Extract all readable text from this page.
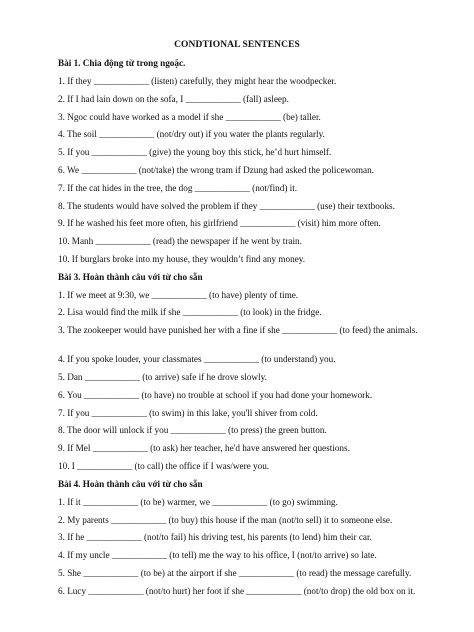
CONDTIONAL SENTENCES
Bài 1. Chia động từ trong ngoặc.
1. If they ____________ (listen) carefully, they might hear the woodpecker.
2. If I had lain down on the sofa, I ____________ (fall) asleep.
3. Ngoc could have worked as a model if she ____________ (be) taller.
4. The soil ____________ (not/dry out) if you water the plants regularly.
5. If you ____________ (give) the young boy this stick, he’d hurt himself.
6. We ____________ (not/take) the wrong tram if Dzung had asked the policewoman.
7. If the cat hides in the tree, the dog ____________ (not/find) it.
8. The students would have solved the problem if they ____________ (use) their textbooks.
9. If he washed his feet more often, his girlfriend ____________ (visit) him more often.
10. Manh ____________ (read) the newspaper if he went by train.
10. If burglars broke into my house, they wouldn’t find any money.
Bài 3. Hoàn thành câu với từ cho sẵn
1. If we meet at 9:30, we ____________ (to have) plenty of time.
2. Lisa would find the milk if she ____________ (to look) in the fridge.
3. The zookeeper would have punished her with a fine if she ____________ (to feed) the animals.
4. If you spoke louder, your classmates ____________ (to understand) you.
5. Dan ____________ (to arrive) safe if he drove slowly.
6. You ____________ (to have) no trouble at school if you had done your homework.
7. If you ____________ (to swim) in this lake, you'll shiver from cold.
8. The door will unlock if you ____________ (to press) the green button.
9. If Mel ____________ (to ask) her teacher, he'd have answered her questions.
10. I ____________ (to call) the office if I was/were you.
Bài 4. Hoàn thành câu với từ cho sẵn
1. If it ____________ (to be) warmer, we ____________ (to go) swimming.
2. My parents ____________ (to buy) this house if the man (not/to sell) it to someone else.
3. If he ____________ (not/to fail) his driving test, his parents (to lend) him their car.
4. If my uncle ____________ (to tell) me the way to his office, I (not/to arrive) so late.
5. She ____________ (to be) at the airport if she ____________ (to read) the message carefully.
6. Lucy ____________ (not/to hurt) her foot if she ____________ (not/to drop) the old box on it.
